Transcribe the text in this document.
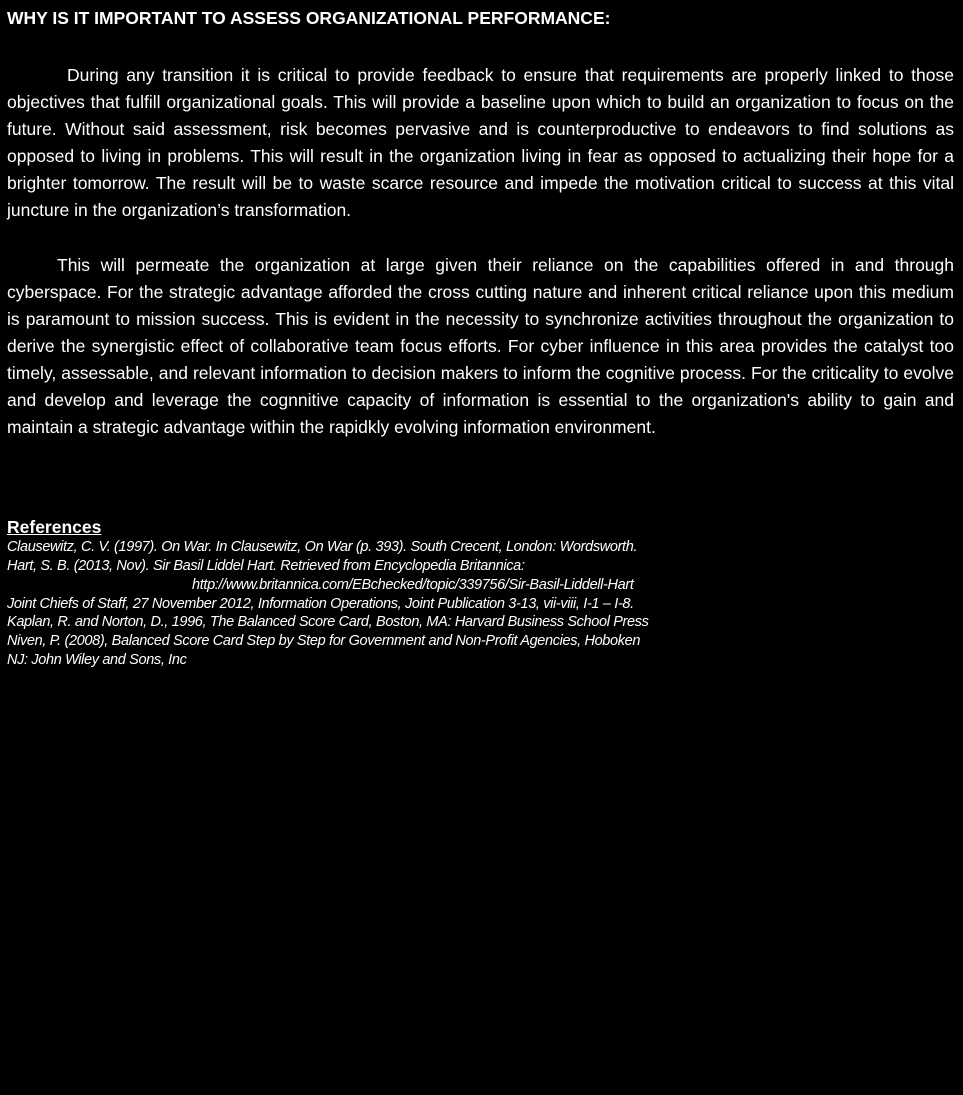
WHY IS IT IMPORTANT TO ASSESS ORGANIZATIONAL PERFORMANCE:

During any transition it is critical to provide feedback to ensure that requirements are properly linked to those objectives that fulfill organizational goals. This will provide a baseline upon which to build an organization to focus on the future. Without said assessment, risk becomes pervasive and is counterproductive to endeavors to find solutions as opposed to living in problems. This will result in the organization living in fear as opposed to actualizing their hope for a brighter tomorrow. The result will be to waste scarce resource and impede the motivation critical to success at this vital juncture in the organization’s transformation.

This will permeate the organization at large given their reliance on the capabilities offered in and through cyberspace. For the strategic advantage afforded the cross cutting nature and inherent critical reliance upon this medium is paramount to mission success. This is evident in the necessity to synchronize activities throughout the organization to derive the synergistic effect of collaborative team focus efforts. For cyber influence in this area provides the catalyst too timely, assessable, and relevant information to decision makers to inform the cognitive process. For the criticality to evolve and develop and leverage the cognnitive capacity of information is essential to the organization's ability to gain and maintain a strategic advantage within the rapidkly evolving information environment.

References
Clausewitz, C. V. (1997). On War. In Clausewitz, On War (p. 393). South Crecent, London: Wordsworth.
Hart, S. B. (2013, Nov). Sir Basil Liddel Hart. Retrieved from Encyclopedia Britannica:
http://www.britannica.com/EBchecked/topic/339756/Sir-Basil-Liddell-Hart
Joint Chiefs of Staff, 27 November 2012, Information Operations, Joint Publication 3-13, vii-viii, I-1 – I-8.
Kaplan, R. and Norton, D., 1996, The Balanced Score Card, Boston, MA: Harvard Business School Press
Niven, P. (2008), Balanced Score Card Step by Step for Government and Non-Profit Agencies, Hoboken
NJ: John Wiley and Sons, Inc
